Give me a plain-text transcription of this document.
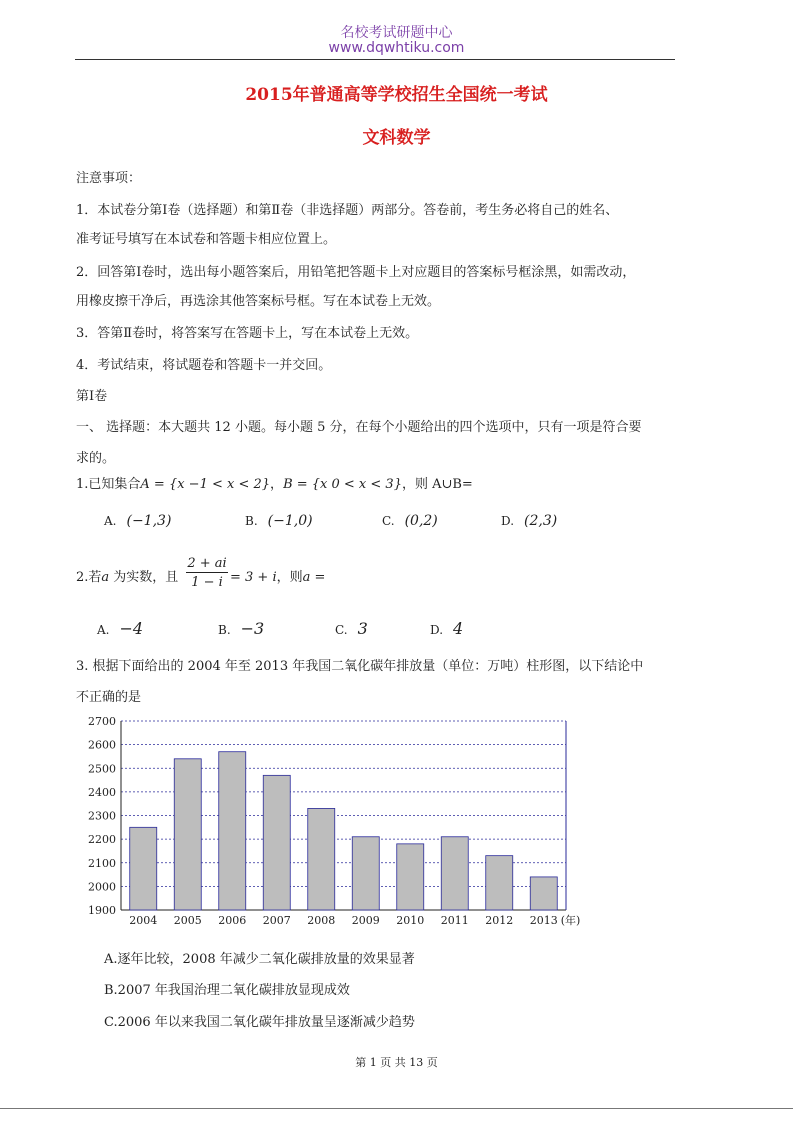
名校考试研题中心
www.dqwhtiku.com
2015年普通高等学校招生全国统一考试
文科数学
注意事项：
1．本试卷分第Ⅰ卷（选择题）和第Ⅱ卷（非选择题）两部分。答卷前，考生务必将自己的姓名、
准考证号填写在本试卷和答题卡相应位置上。
2．回答第Ⅰ卷时，选出每小题答案后，用铅笔把答题卡上对应题目的答案标号框涂黑，如需改动，
用橡皮擦干净后，再选涂其他答案标号框。写在本试卷上无效。
3．答第Ⅱ卷时，将答案写在答题卡上，写在本试卷上无效。
4．考试结束，将试题卷和答题卡一并交回。
第Ⅰ卷
一、 选择题：本大题共 12 小题。每小题 5 分，在每个小题给出的四个选项中，只有一项是符合要
求的。
1.已知集合A = {x −1 < x < 2}，B = {x 0 < x < 3}，则 A∪B=
A. (−1,3)	B. (−1,0)	C. (0,2)	D. (2,3)
2.若a 为实数，且 $\frac{2 + ai}{1 - i} = 3 + i$，则a =
A. −4	B. −3	C. 3	D. 4
3. 根据下面给出的 2004 年至 2013 年我国二氧化碳年排放量（单位：万吨）柱形图，以下结论中
不正确的是
1900
2000
2100
2200
2300
2400
2500
2600
2700
2004 2005 2006 2007 2008 2009 2010 2011 2012 2013 (年)
A.逐年比较，2008 年减少二氧化碳排放量的效果显著
B.2007 年我国治理二氧化碳排放显现成效
C.2006 年以来我国二氧化碳年排放量呈逐渐减少趋势
第 1 页 共 13 页
